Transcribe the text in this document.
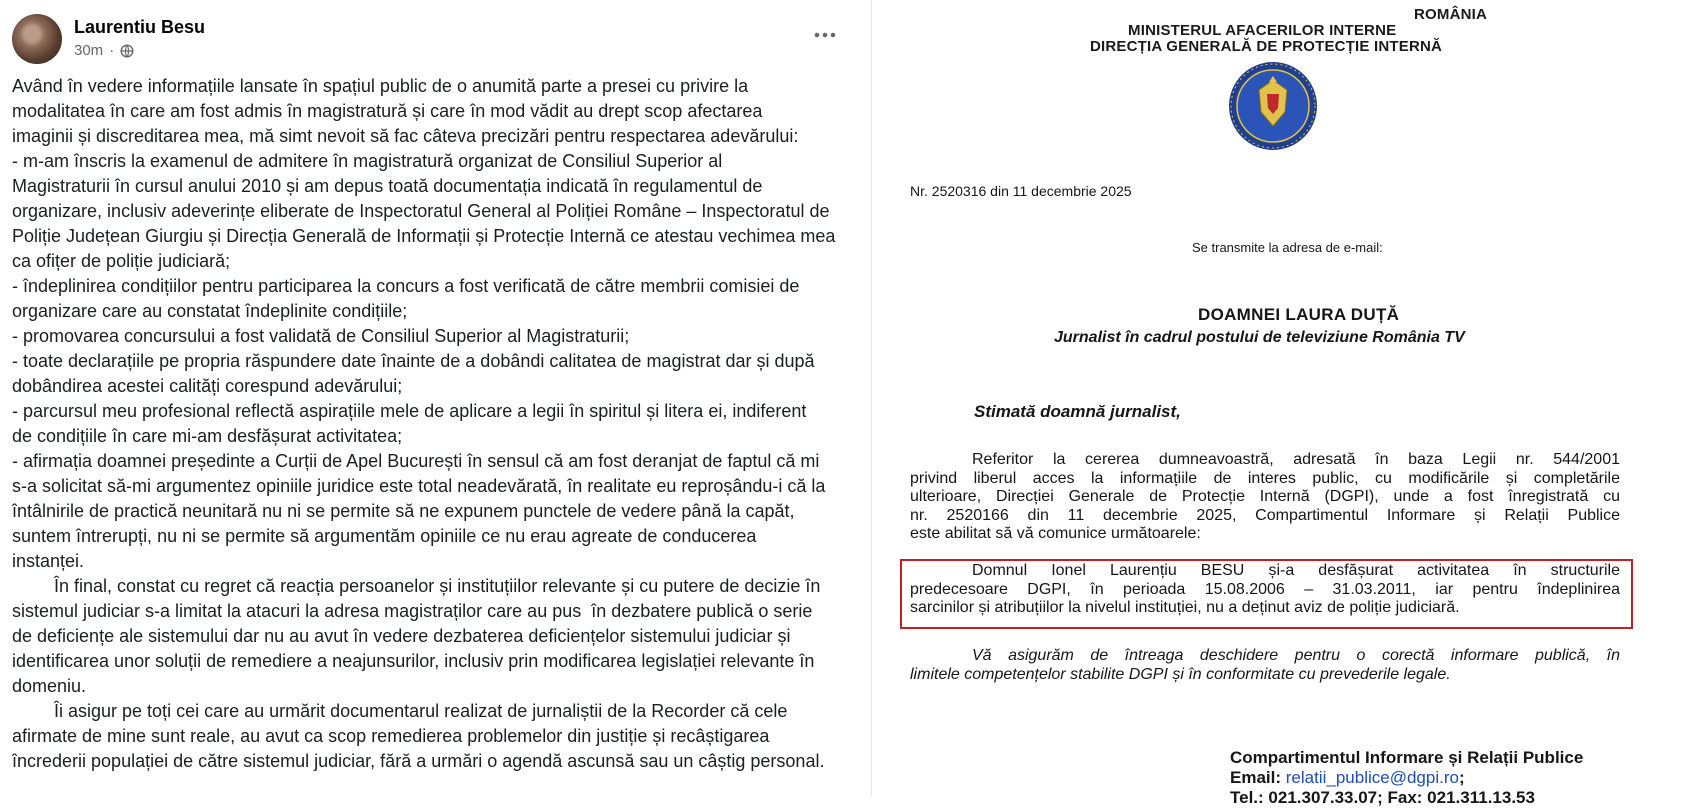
Laurentiu Besu
30m ·

Având în vedere informațiile lansate în spațiul public de o anumită parte a presei cu privire la

modalitatea în care am fost admis în magistratură și care în mod vădit au drept scop afectarea

imaginii și discreditarea mea, mă simt nevoit să fac câteva precizări pentru respectarea adevărului:

- m-am înscris la examenul de admitere în magistratură organizat de Consiliul Superior al

Magistraturii în cursul anului 2010 și am depus toată documentația indicată în regulamentul de

organizare, inclusiv adeverințe eliberate de Inspectoratul General al Poliției Române – Inspectoratul de

Poliție Județean Giurgiu și Direcția Generală de Informații și Protecție Internă ce atestau vechimea mea

ca ofițer de poliție judiciară;

- îndeplinirea condițiilor pentru participarea la concurs a fost verificată de către membrii comisiei de

organizare care au constatat îndeplinite condițiile;

- promovarea concursului a fost validată de Consiliul Superior al Magistraturii;

- toate declarațiile pe propria răspundere date înainte de a dobândi calitatea de magistrat dar și după

dobândirea acestei calități corespund adevărului;

- parcursul meu profesional reflectă aspirațiile mele de aplicare a legii în spiritul și litera ei, indiferent

de condițiile în care mi-am desfășurat activitatea;

- afirmația doamnei președinte a Curții de Apel București în sensul că am fost deranjat de faptul că mi

s-a solicitat să-mi argumentez opiniile juridice este total neadevărată, în realitate eu reproșându-i că la

întâlnirile de practică neunitară nu ni se permite să ne expunem punctele de vedere până la capăt,

suntem întrerupți, nu ni se permite să argumentăm opiniile ce nu erau agreate de conducerea

instanței.

În final, constat cu regret că reacția persoanelor și instituțiilor relevante și cu putere de decizie în

sistemul judiciar s-a limitat la atacuri la adresa magistraților care au pus  în dezbatere publică o serie

de deficiențe ale sistemului dar nu au avut în vedere dezbaterea deficiențelor sistemului judiciar și

identificarea unor soluții de remediere a neajunsurilor, inclusiv prin modificarea legislației relevante în

domeniu.

Îi asigur pe toți cei care au urmărit documentarul realizat de jurnaliștii de la Recorder că cele

afirmate de mine sunt reale, au avut ca scop remedierea problemelor din justiție și recâștigarea

încrederii populației de către sistemul judiciar, fără a urmări o agendă ascunsă sau un câștig personal.

ROMÂNIA
MINISTERUL AFACERILOR INTERNE
DIRECȚIA GENERALĂ DE PROTECȚIE INTERNĂ
Nr. 2520316 din 11 decembrie 2025
Se transmite la adresa de e-mail:
DOAMNEI LAURA DUȚĂ
Jurnalist în cadrul postului de televiziune România TV
Stimată doamnă jurnalist,
Referitor la cererea dumneavoastră, adresată în baza Legii nr. 544/2001
privind liberul acces la informațiile de interes public, cu modificările și completările
ulterioare, Direcției Generale de Protecție Internă (DGPI), unde a fost înregistrată cu
nr. 2520166 din 11 decembrie 2025, Compartimentul Informare și Relații Publice
este abilitat să vă comunice următoarele:
Domnul Ionel Laurențiu BESU și-a desfășurat activitatea în structurile
predecesoare DGPI, în perioada 15.08.2006 – 31.03.2011, iar pentru îndeplinirea
sarcinilor și atribuțiilor la nivelul instituției, nu a deținut aviz de poliție judiciară.
Vă asigurăm de întreaga deschidere pentru o corectă informare publică, în
limitele competențelor stabilite DGPI și în conformitate cu prevederile legale.
Compartimentul Informare și Relații Publice
Email: relatii_publice@dgpi.ro;
Tel.: 021.307.33.07; Fax: 021.311.13.53
